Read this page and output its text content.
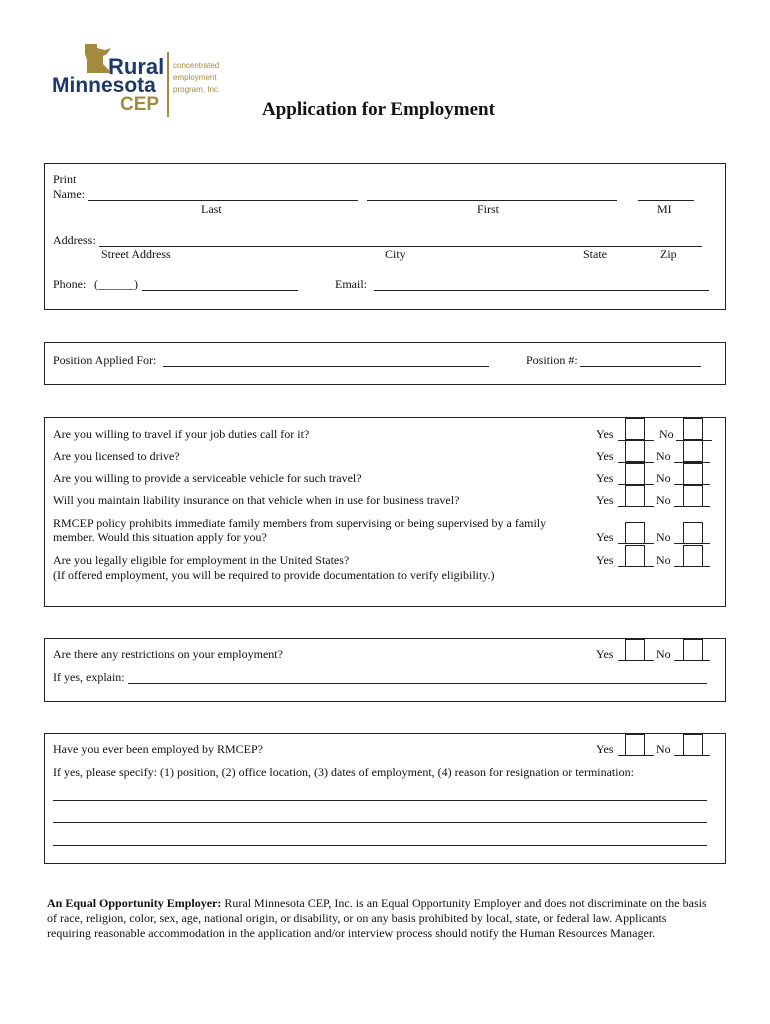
Rural
Minnesota
CEP
concentrated
employment
program, Inc.
Application for Employment
Print
Name:
Last	First	MI
Address:
Street Address	City	State	Zip
Phone: (______)	Email:
Position Applied For:	Position #:
Are you willing to travel if your job duties call for it?	Yes	No
Are you licensed to drive?	Yes	No
Are you willing to provide a serviceable vehicle for such travel?	Yes	No
Will you maintain liability insurance on that vehicle when in use for business travel?	Yes	No
RMCEP policy prohibits immediate family members from supervising or being supervised by a family
member. Would this situation apply for you?	Yes	No
Are you legally eligible for employment in the United States?
(If offered employment, you will be required to provide documentation to verify eligibility.)
Yes	No
Are there any restrictions on your employment?	Yes	No
If yes, explain:
Have you ever been employed by RMCEP?	Yes	No
If yes, please specify: (1) position, (2) office location, (3) dates of employment, (4) reason for resignation or termination:
An Equal Opportunity Employer: Rural Minnesota CEP, Inc. is an Equal Opportunity Employer and does not discriminate on the basis of race, religion, color, sex, age, national origin, or disability, or on any basis prohibited by local, state, or federal law. Applicants requiring reasonable accommodation in the application and/or interview process should notify the Human Resources Manager.
